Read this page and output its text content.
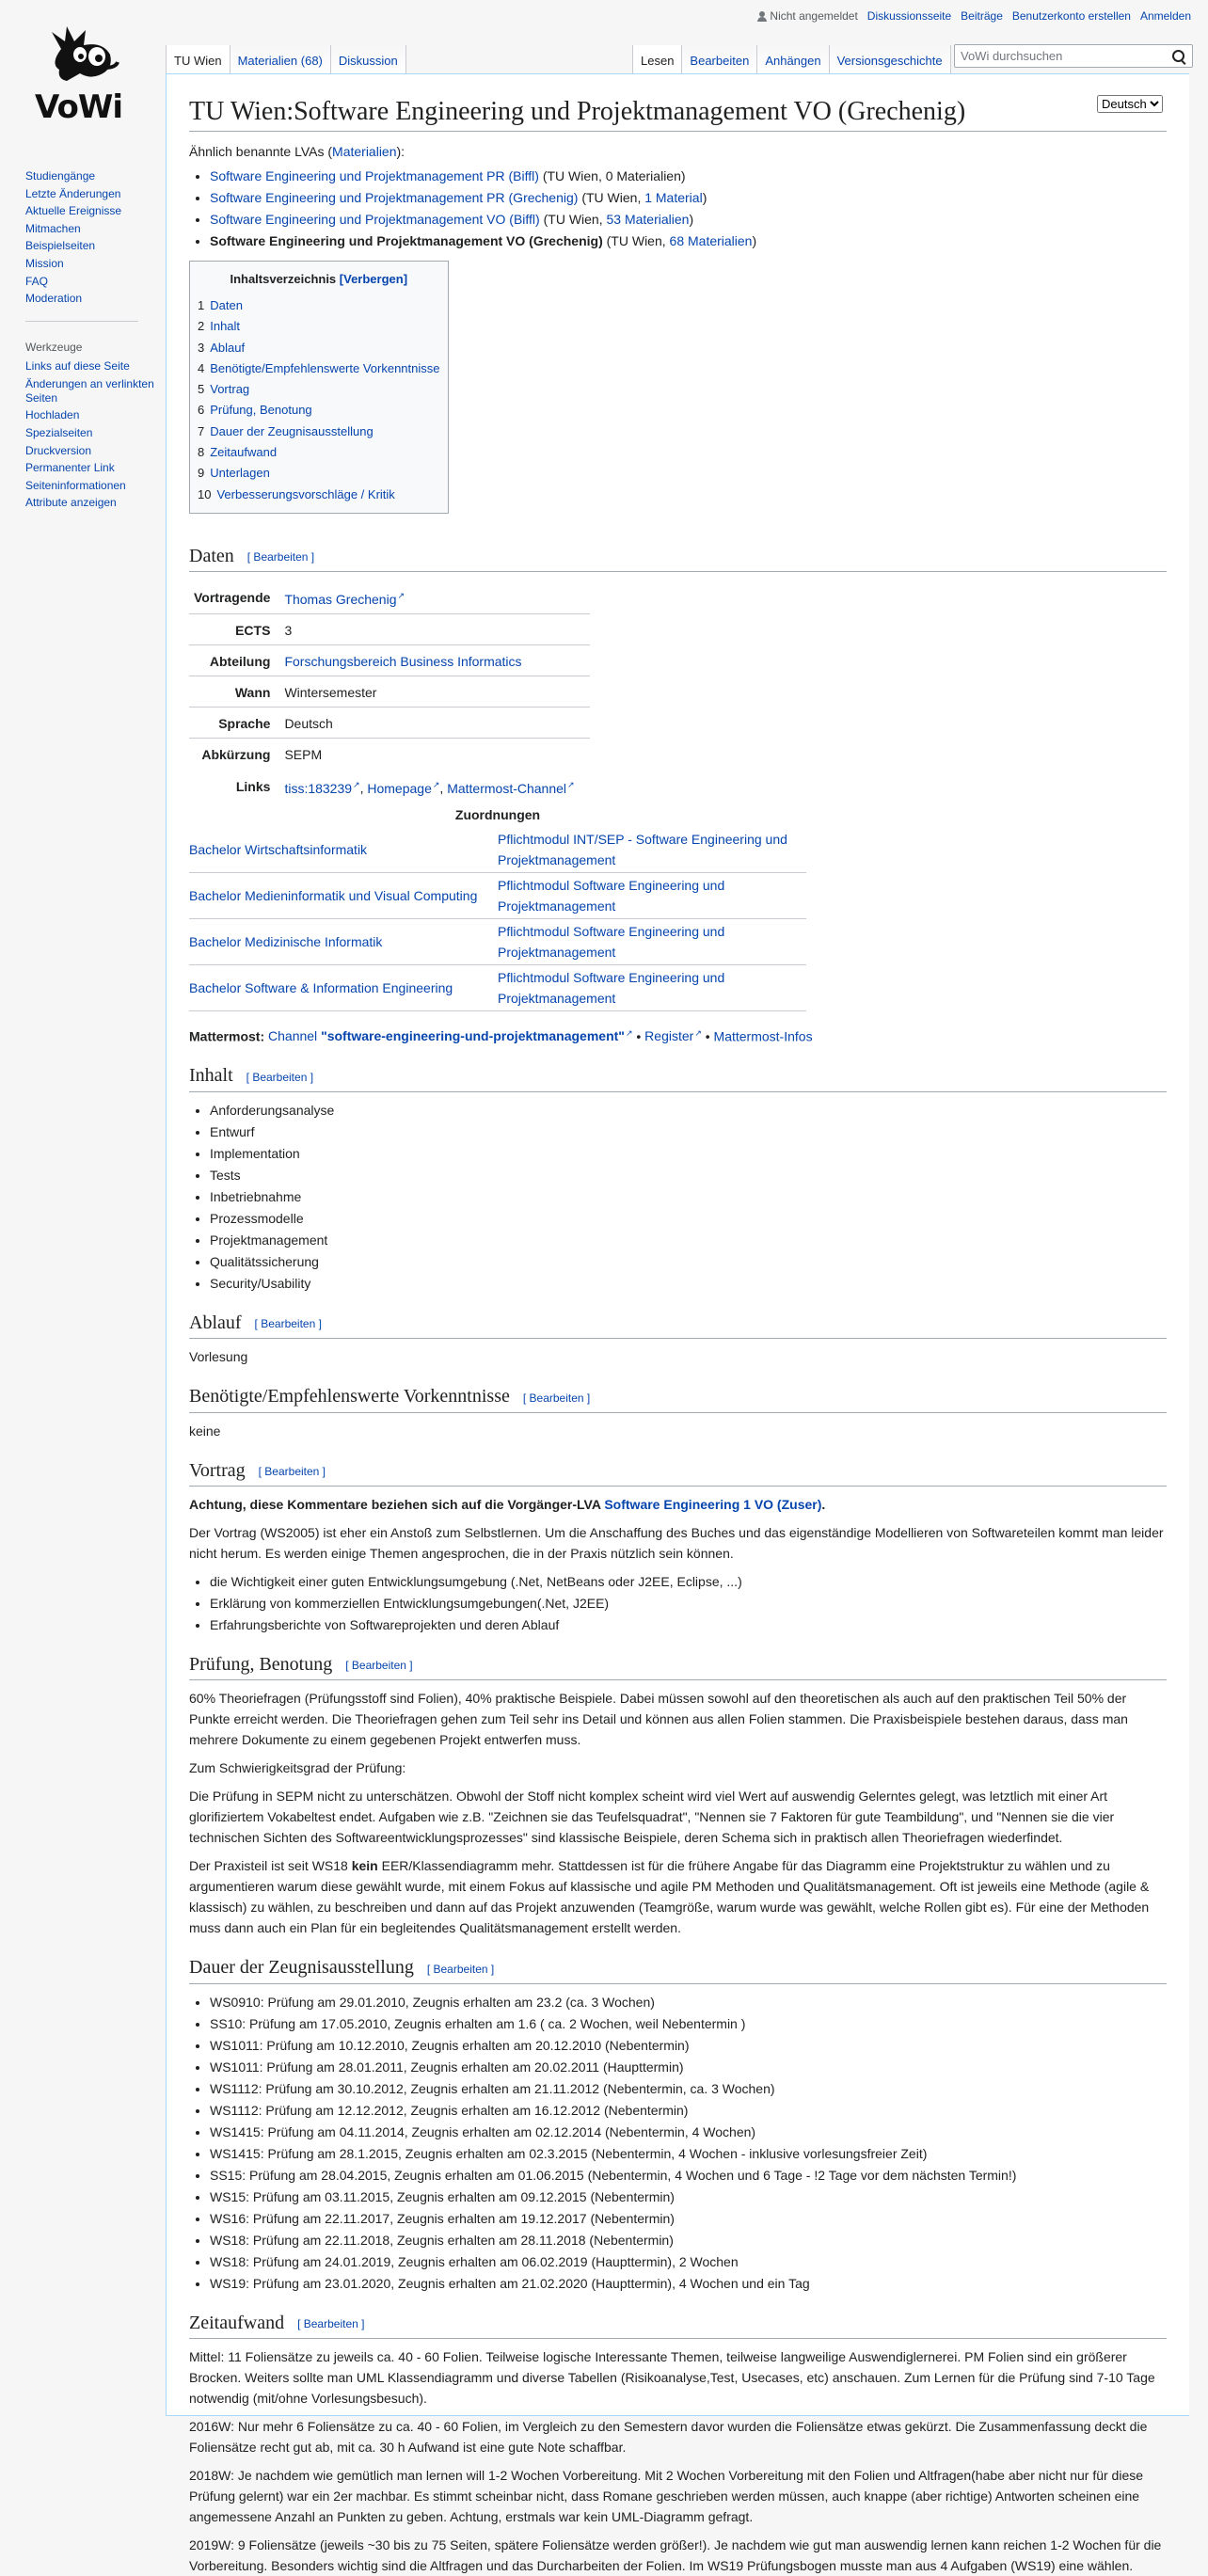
Nicht angemeldet Diskussionsseite Beiträge Benutzerkonto erstellen Anmelden
VoWi
Studiengänge
Letzte Änderungen
Aktuelle Ereignisse
Mitmachen
Beispielseiten
Mission
FAQ
Moderation
Werkzeuge
Links auf diese Seite
Änderungen an verlinkten Seiten
Hochladen
Spezialseiten
Druckversion
Permanenter Link
Seiteninformationen
Attribute anzeigen
TU Wien	Materialien (68)	Diskussion	Lesen	Bearbeiten	Anhängen	Versionsgeschichte
VoWi durchsuchen
Deutsch
TU Wien:Software Engineering und Projektmanagement VO (Grechenig)
Ähnlich benannte LVAs (Materialien):
• Software Engineering und Projektmanagement PR (Biffl) (TU Wien, 0 Materialien)
• Software Engineering und Projektmanagement PR (Grechenig) (TU Wien, 1 Material)
• Software Engineering und Projektmanagement VO (Biffl) (TU Wien, 53 Materialien)
• Software Engineering und Projektmanagement VO (Grechenig) (TU Wien, 68 Materialien)
Inhaltsverzeichnis [Verbergen]
1 Daten
2 Inhalt
3 Ablauf
4 Benötigte/Empfehlenswerte Vorkenntnisse
5 Vortrag
6 Prüfung, Benotung
7 Dauer der Zeugnisausstellung
8 Zeitaufwand
9 Unterlagen
10 Verbesserungsvorschläge / Kritik
Daten [ Bearbeiten ]
Vortragende	Thomas Grechenig ↗
ECTS	3
Abteilung	Forschungsbereich Business Informatics
Wann	Wintersemester
Sprache	Deutsch
Abkürzung	SEPM
Links	tiss:183239 ↗ , Homepage ↗ , Mattermost-Channel ↗
Zuordnungen
Bachelor Wirtschaftsinformatik	Pflichtmodul INT/SEP - Software Engineering und Projektmanagement
Bachelor Medieninformatik und Visual Computing	Pflichtmodul Software Engineering und Projektmanagement
Bachelor Medizinische Informatik	Pflichtmodul Software Engineering und Projektmanagement
Bachelor Software & Information Engineering	Pflichtmodul Software Engineering und Projektmanagement
Mattermost: Channel "software-engineering-und-projektmanagement" ↗ • Register ↗ • Mattermost-Infos
Inhalt [ Bearbeiten ]
• Anforderungsanalyse
• Entwurf
• Implementation
• Tests
• Inbetriebnahme
• Prozessmodelle
• Projektmanagement
• Qualitätssicherung
• Security/Usability
Ablauf [ Bearbeiten ]

Vorlesung

Benötigte/Empfehlenswerte Vorkenntnisse [ Bearbeiten ]

keine

Vortrag [ Bearbeiten ]

Achtung, diese Kommentare beziehen sich auf die Vorgänger-LVA Software Engineering 1 VO (Zuser).

Der Vortrag (WS2005) ist eher ein Anstoß zum Selbstlernen. Um die Anschaffung des Buches und das eigenständige Modellieren von Softwareteilen kommt man leider nicht herum. Es werden einige Themen angesprochen, die in der Praxis nützlich sein können.

• die Wichtigkeit einer guten Entwicklungsumgebung (.Net, NetBeans oder J2EE, Eclipse, ...)
• Erklärung von kommerziellen Entwicklungsumgebungen(.Net, J2EE)
• Erfahrungsberichte von Softwareprojekten und deren Ablauf
Prüfung, Benotung [ Bearbeiten ]

60% Theoriefragen (Prüfungsstoff sind Folien), 40% praktische Beispiele. Dabei müssen sowohl auf den theoretischen als auch auf den praktischen Teil 50% der Punkte erreicht werden. Die Theoriefragen gehen zum Teil sehr ins Detail und können aus allen Folien stammen. Die Praxisbeispiele bestehen daraus, dass man mehrere Dokumente zu einem gegebenen Projekt entwerfen muss.

Zum Schwierigkeitsgrad der Prüfung:

Die Prüfung in SEPM nicht zu unterschätzen. Obwohl der Stoff nicht komplex scheint wird viel Wert auf auswendig Gelerntes gelegt, was letztlich mit einer Art glorifiziertem Vokabeltest endet. Aufgaben wie z.B. "Zeichnen sie das Teufelsquadrat", "Nennen sie 7 Faktoren für gute Teambildung", und "Nennen sie die vier technischen Sichten des Softwareentwicklungsprozesses" sind klassische Beispiele, deren Schema sich in praktisch allen Theoriefragen wiederfindet.

Der Praxisteil ist seit WS18 kein EER/Klassendiagramm mehr. Stattdessen ist für die frühere Angabe für das Diagramm eine Projektstruktur zu wählen und zu argumentieren warum diese gewählt wurde, mit einem Fokus auf klassische und agile PM Methoden und Qualitätsmanagement. Oft ist jeweils eine Methode (agile & klassisch) zu wählen, zu beschreiben und dann auf das Projekt anzuwenden (Teamgröße, warum wurde was gewählt, welche Rollen gibt es). Für eine der Methoden muss dann auch ein Plan für ein begleitendes Qualitätsmanagement erstellt werden.

Dauer der Zeugnisausstellung [ Bearbeiten ]
• WS0910: Prüfung am 29.01.2010, Zeugnis erhalten am 23.2 (ca. 3 Wochen)
• SS10: Prüfung am 17.05.2010, Zeugnis erhalten am 1.6 ( ca. 2 Wochen, weil Nebentermin )
• WS1011: Prüfung am 10.12.2010, Zeugnis erhalten am 20.12.2010 (Nebentermin)
• WS1011: Prüfung am 28.01.2011, Zeugnis erhalten am 20.02.2011 (Haupttermin)
• WS1112: Prüfung am 30.10.2012, Zeugnis erhalten am 21.11.2012 (Nebentermin, ca. 3 Wochen)
• WS1112: Prüfung am 12.12.2012, Zeugnis erhalten am 16.12.2012 (Nebentermin)
• WS1415: Prüfung am 04.11.2014, Zeugnis erhalten am 02.12.2014 (Nebentermin, 4 Wochen)
• WS1415: Prüfung am 28.1.2015, Zeugnis erhalten am 02.3.2015 (Nebentermin, 4 Wochen - inklusive vorlesungsfreier Zeit)
• SS15: Prüfung am 28.04.2015, Zeugnis erhalten am 01.06.2015 (Nebentermin, 4 Wochen und 6 Tage - !2 Tage vor dem nächsten Termin!)
• WS15: Prüfung am 03.11.2015, Zeugnis erhalten am 09.12.2015 (Nebentermin)
• WS16: Prüfung am 22.11.2017, Zeugnis erhalten am 19.12.2017 (Nebentermin)
• WS18: Prüfung am 22.11.2018, Zeugnis erhalten am 28.11.2018 (Nebentermin)
• WS18: Prüfung am 24.01.2019, Zeugnis erhalten am 06.02.2019 (Haupttermin), 2 Wochen
• WS19: Prüfung am 23.01.2020, Zeugnis erhalten am 21.02.2020 (Haupttermin), 4 Wochen und ein Tag
Zeitaufwand [ Bearbeiten ]

Mittel: 11 Foliensätze zu jeweils ca. 40 - 60 Folien. Teilweise logische Interessante Themen, teilweise langweilige Auswendiglernerei. PM Folien sind ein größerer Brocken. Weiters sollte man UML Klassendiagramm und diverse Tabellen (Risikoanalyse,Test, Usecases, etc) anschauen. Zum Lernen für die Prüfung sind 7-10 Tage notwendig (mit/ohne Vorlesungsbesuch).

2016W: Nur mehr 6 Foliensätze zu ca. 40 - 60 Folien, im Vergleich zu den Semestern davor wurden die Foliensätze etwas gekürzt. Die Zusammenfassung deckt die Foliensätze recht gut ab, mit ca. 30 h Aufwand ist eine gute Note schaffbar.

2018W: Je nachdem wie gemütlich man lernen will 1-2 Wochen Vorbereitung. Mit 2 Wochen Vorbereitung mit den Folien und Altfragen(habe aber nicht nur für diese Prüfung gelernt) war ein 2er machbar. Es stimmt scheinbar nicht, dass Romane geschrieben werden müssen, auch knappe (aber richtige) Antworten scheinen eine angemessene Anzahl an Punkten zu geben. Achtung, erstmals war kein UML-Diagramm gefragt.

2019W: 9 Foliensätze (jeweils ~30 bis zu 75 Seiten, spätere Foliensätze werden größer!). Je nachdem wie gut man auswendig lernen kann reichen 1-2 Wochen für die Vorbereitung. Besonders wichtig sind die Altfragen und das Durcharbeiten der Folien. Im WS19 Prüfungsbogen musste man aus 4 Aufgaben (WS19) eine wählen.
